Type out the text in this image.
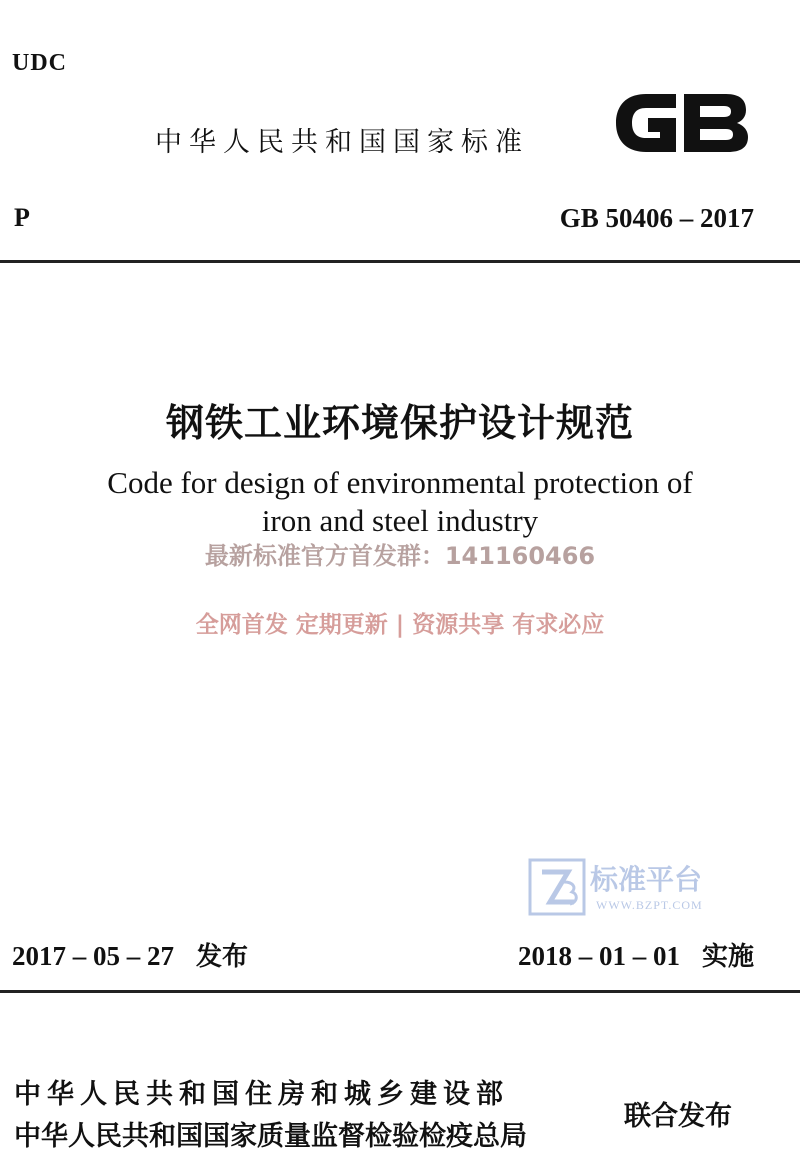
UDC
中华人民共和国国家标准
P	GB 50406 – 2017
钢铁工业环境保护设计规范
Code for design of environmental protection of
iron and steel industry
最新标准官方首发群：141160466
全网首发 定期更新 | 资源共享 有求必应
标准平台
WWW.BZPT.COM
2017 – 05 – 27 发布	2018 – 01 – 01 实施
中华人民共和国住房和城乡建设部
中华人民共和国国家质量监督检验检疫总局
联合发布
